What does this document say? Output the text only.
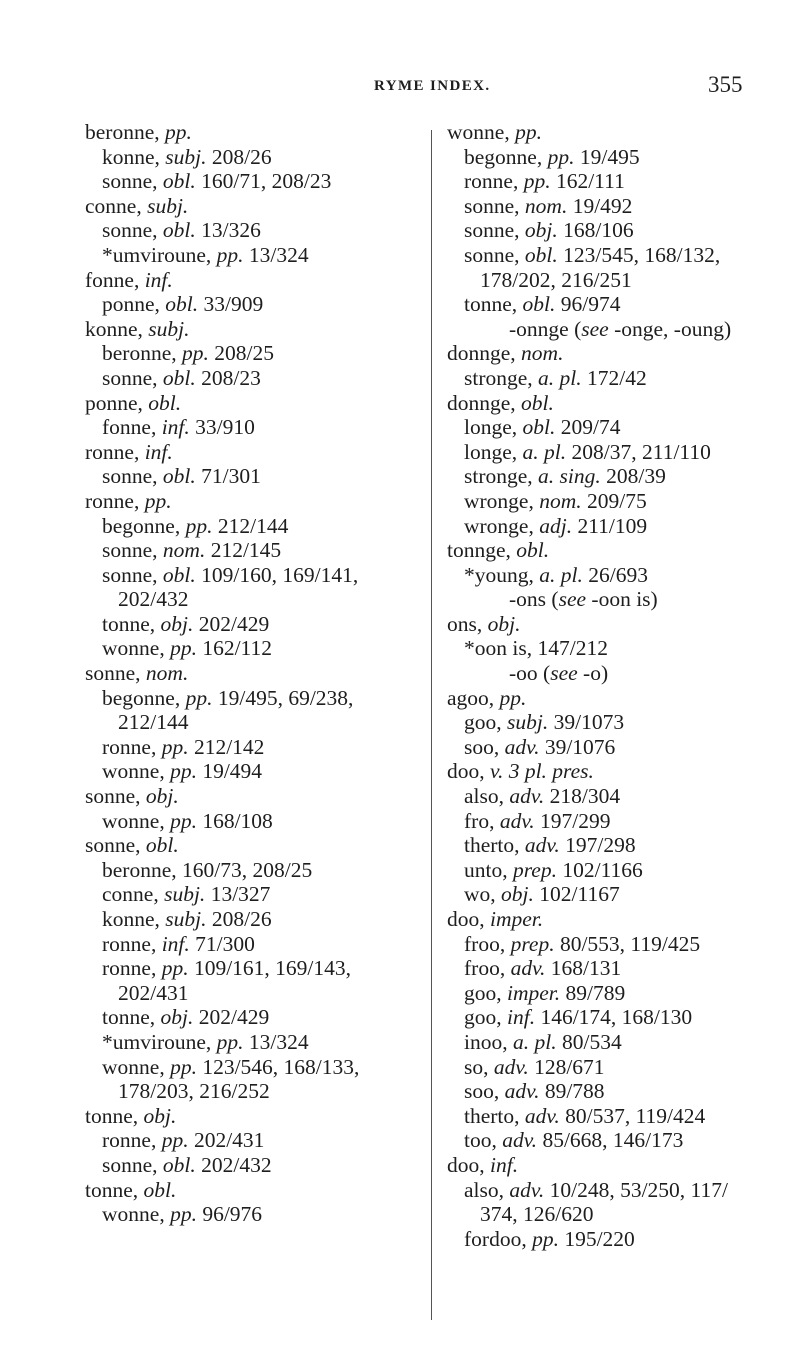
RYME INDEX.	355
beronne, pp.
konne, subj. 208/26
sonne, obl. 160/71, 208/23
conne, subj.
sonne, obl. 13/326
*umviroune, pp. 13/324
fonne, inf.
ponne, obl. 33/909
konne, subj.
beronne, pp. 208/25
sonne, obl. 208/23
ponne, obl.
fonne, inf. 33/910
ronne, inf.
sonne, obl. 71/301
ronne, pp.
begonne, pp. 212/144
sonne, nom. 212/145
sonne, obl. 109/160, 169/141,
202/432
tonne, obj. 202/429
wonne, pp. 162/112
sonne, nom.
begonne, pp. 19/495, 69/238,
212/144
ronne, pp. 212/142
wonne, pp. 19/494
sonne, obj.
wonne, pp. 168/108
sonne, obl.
beronne, 160/73, 208/25
conne, subj. 13/327
konne, subj. 208/26
ronne, inf. 71/300
ronne, pp. 109/161, 169/143,
202/431
tonne, obj. 202/429
*umviroune, pp. 13/324
wonne, pp. 123/546, 168/133,
178/203, 216/252
tonne, obj.
ronne, pp. 202/431
sonne, obl. 202/432
tonne, obl.
wonne, pp. 96/976
wonne, pp.
begonne, pp. 19/495
ronne, pp. 162/111
sonne, nom. 19/492
sonne, obj. 168/106
sonne, obl. 123/545, 168/132,
178/202, 216/251
tonne, obl. 96/974
-onnge (see -onge, -oung)
donnge, nom.
stronge, a. pl. 172/42
donnge, obl.
longe, obl. 209/74
longe, a. pl. 208/37, 211/110
stronge, a. sing. 208/39
wronge, nom. 209/75
wronge, adj. 211/109
tonnge, obl.
*young, a. pl. 26/693
-ons (see -oon is)
ons, obj.
*oon is, 147/212
-oo (see -o)
agoo, pp.
goo, subj. 39/1073
soo, adv. 39/1076
doo, v. 3 pl. pres.
also, adv. 218/304
fro, adv. 197/299
therto, adv. 197/298
unto, prep. 102/1166
wo, obj. 102/1167
doo, imper.
froo, prep. 80/553, 119/425
froo, adv. 168/131
goo, imper. 89/789
goo, inf. 146/174, 168/130
inoo, a. pl. 80/534
so, adv. 128/671
soo, adv. 89/788
therto, adv. 80/537, 119/424
too, adv. 85/668, 146/173
doo, inf.
also, adv. 10/248, 53/250, 117/
374, 126/620
fordoo, pp. 195/220
